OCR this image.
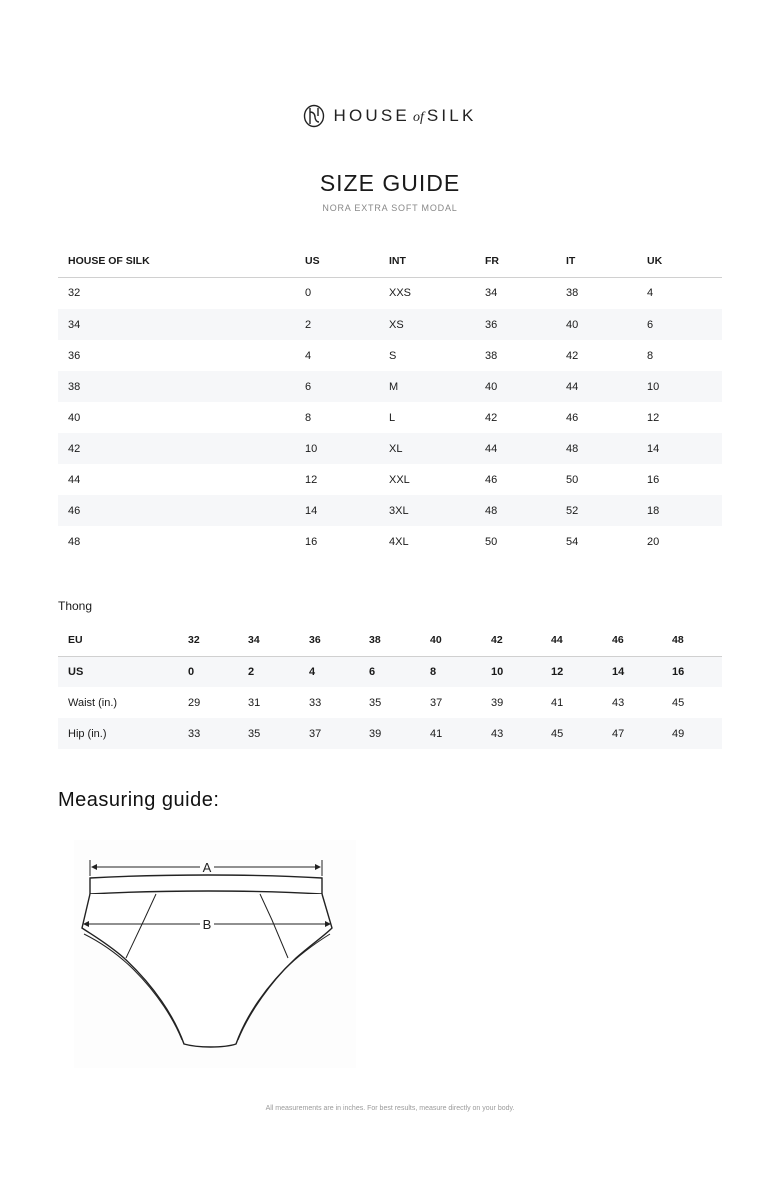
HOUSE of SILK
SIZE GUIDE
NORA EXTRA SOFT MODAL
HOUSE OF SILK	US	INT	FR	IT	UK
32	0	XXS	34	38	4
34	2	XS	36	40	6
36	4	S	38	42	8
38	6	M	40	44	10
40	8	L	42	46	12
42	10	XL	44	48	14
44	12	XXL	46	50	16
46	14	3XL	48	52	18
48	16	4XL	50	54	20
Thong
EU	32	34	36	38	40	42	44	46	48
US	0	2	4	6	8	10	12	14	16
Waist (in.)	29	31	33	35	37	39	41	43	45
Hip (in.)	33	35	37	39	41	43	45	47	49
Measuring guide:
A
B
All measurements are in inches. For best results, measure directly on your body.
